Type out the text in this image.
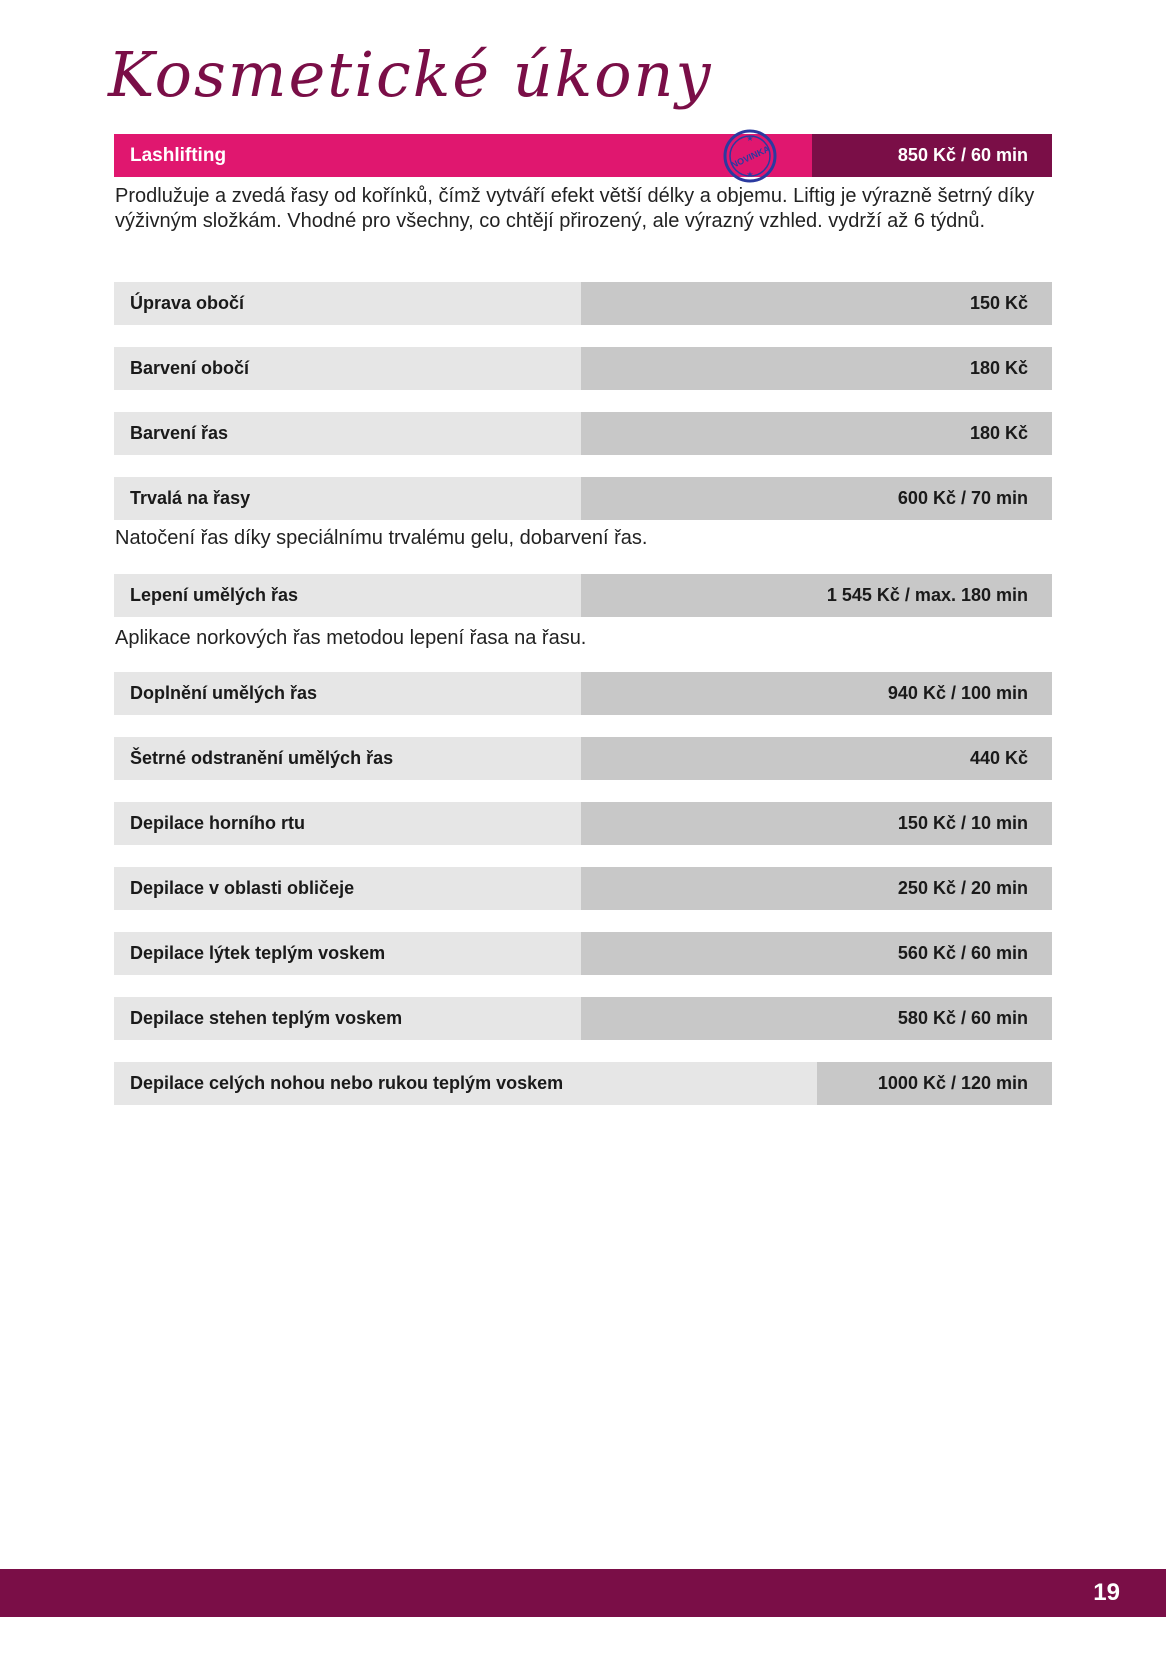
Kosmetické úkony
Lashlifting	850 Kč / 60 min
NOVINKA
★
★
Prodlužuje a zvedá řasy od kořínků, čímž vytváří efekt větší délky a objemu. Liftig je výrazně šetrný díky výživným složkám. Vhodné pro všechny, co chtějí přirozený, ale výrazný vzhled. vydrží až 6 týdnů.
Úprava obočí	150 Kč
Barvení obočí	180 Kč
Barvení řas	180 Kč
Trvalá na řasy	600 Kč / 70 min
Natočení řas díky speciálnímu trvalému gelu, dobarvení řas.
Lepení umělých řas	1 545 Kč / max. 180 min
Aplikace norkových řas metodou lepení řasa na řasu.
Doplnění umělých řas	940 Kč / 100 min
Šetrné odstranění umělých řas	440 Kč
Depilace horního rtu	150 Kč / 10 min
Depilace v oblasti obličeje	250 Kč / 20 min
Depilace lýtek teplým voskem	560 Kč / 60 min
Depilace stehen teplým voskem	580 Kč / 60 min
Depilace celých nohou nebo rukou teplým voskem	1000 Kč / 120 min
19
